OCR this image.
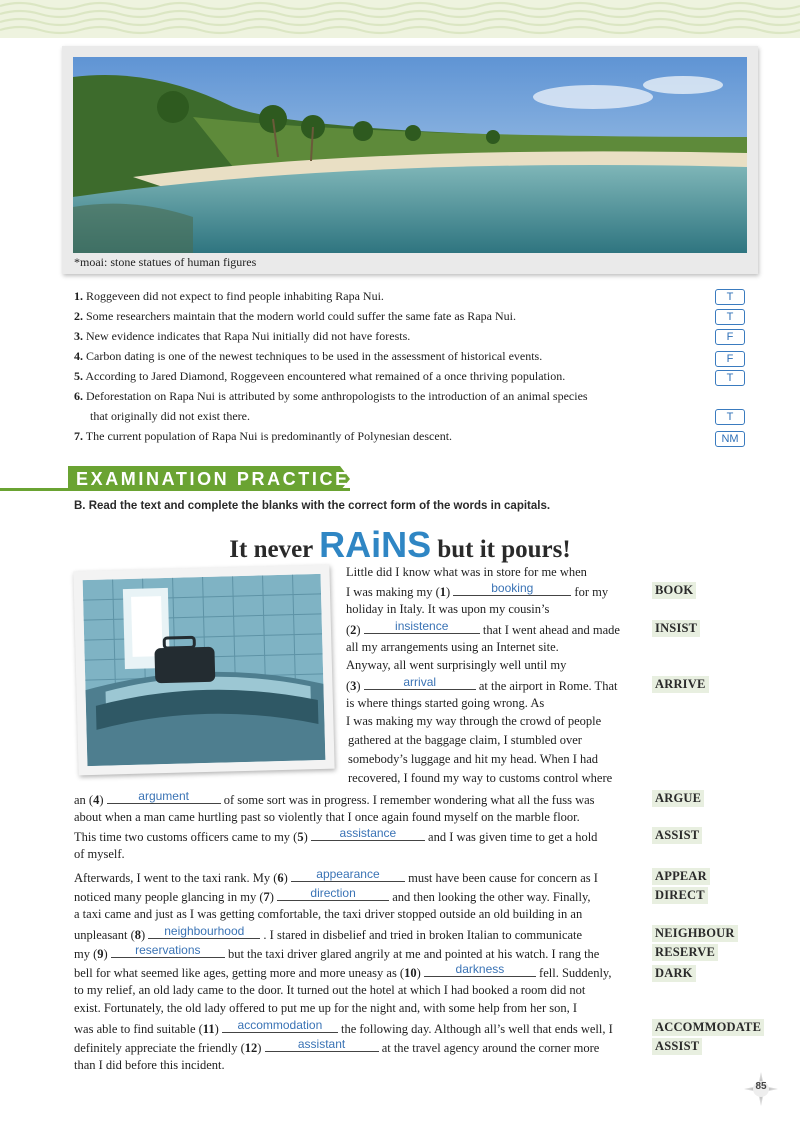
*moai: stone statues of human figures
1. Roggeveen did not expect to find people inhabiting Rapa Nui.	T
2. Some researchers maintain that the modern world could suffer the same fate as Rapa Nui.	T
3. New evidence indicates that Rapa Nui initially did not have forests.	F
4. Carbon dating is one of the newest techniques to be used in the assessment of historical events.	F
5. According to Jared Diamond, Roggeveen encountered what remained of a once thriving population.	T
6. Deforestation on Rapa Nui is attributed by some anthropologists to the introduction of an animal species
that originally did not exist there.	T
7. The current population of Rapa Nui is predominantly of Polynesian descent.	NM
EXAMINATION PRACTICE
B. Read the text and complete the blanks with the correct form of the words in capitals.
It never RAiNS but it pours!
Little did I know what was in store for me when
I was making my (1)	booking	for my
holiday in Italy. It was upon my cousin’s
(2)	insistence	that I went ahead and made
all my arrangements using an Internet site.
Anyway, all went surprisingly well until my
(3)	arrival	at the airport in Rome. That
is where things started going wrong. As
I was making my way through the crowd of people
gathered at the baggage claim, I stumbled over
somebody’s luggage and hit my head. When I had
recovered, I found my way to customs control where
an (4)	argument	of some sort was in progress. I remember wondering what all the fuss was
about when a man came hurtling past so violently that I once again found myself on the marble floor.
This time two customs officers came to my (5)	assistance	and I was given time to get a hold
of myself.
Afterwards, I went to the taxi rank. My (6)	appearance	must have been cause for concern as I
noticed many people glancing in my (7)	direction	and then looking the other way. Finally,
a taxi came and just as I was getting comfortable, the taxi driver stopped outside an old building in an
unpleasant (8)	neighbourhood	. I stared in disbelief and tried in broken Italian to communicate
my (9)	reservations	but the taxi driver glared angrily at me and pointed at his watch. I rang the
bell for what seemed like ages, getting more and more uneasy as (10)	darkness	fell. Suddenly,
to my relief, an old lady came to the door. It turned out the hotel at which I had booked a room did not
exist. Fortunately, the old lady offered to put me up for the night and, with some help from her son, I
was able to find suitable (11)	accommodation	the following day. Although all’s well that ends well, I
definitely appreciate the friendly (12)	assistant	at the travel agency around the corner more
than I did before this incident.
BOOK
INSIST
ARRIVE
ARGUE
ASSIST
APPEAR
DIRECT
NEIGHBOUR
RESERVE
DARK
ACCOMMODATE
ASSIST
85
